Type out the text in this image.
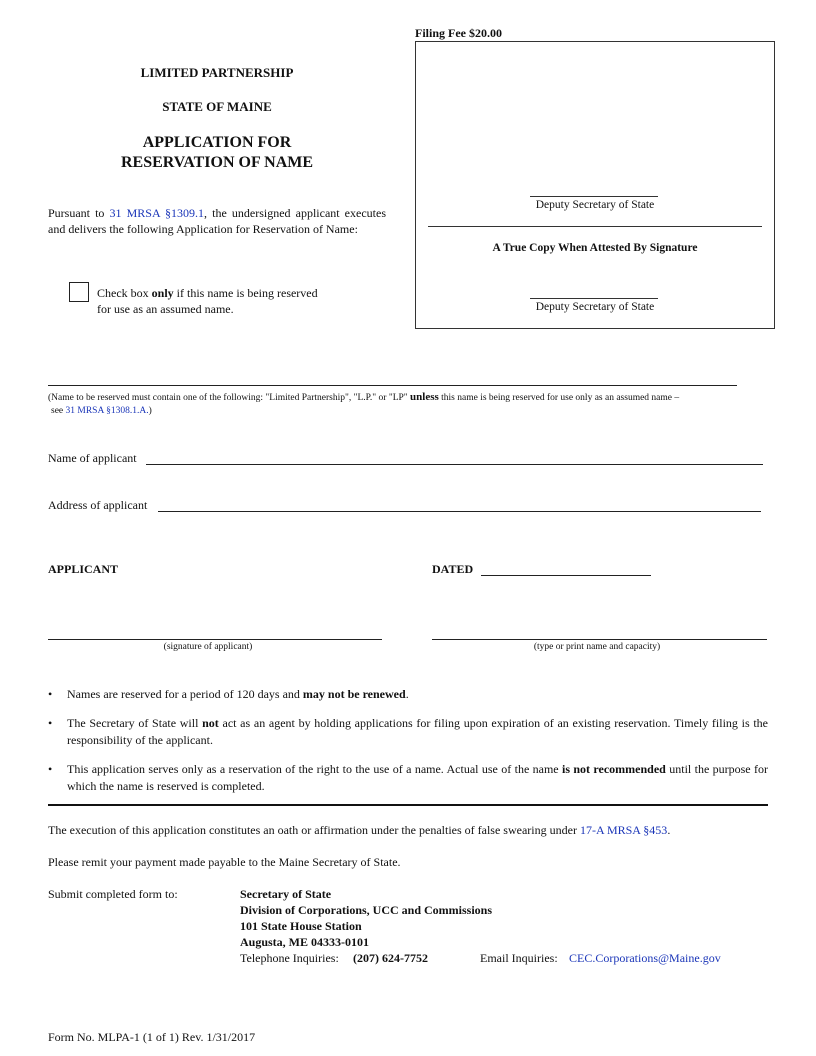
Filing Fee $20.00
LIMITED PARTNERSHIP
STATE OF MAINE
APPLICATION FOR
RESERVATION OF NAME
Deputy Secretary of State
A True Copy When Attested By Signature
Deputy Secretary of State
Pursuant to 31 MRSA §1309.1, the undersigned applicant executes and delivers the following Application for Reservation of Name:
Check box only if this name is being reserved
for use as an assumed name.
(Name to be reserved must contain one of the following: "Limited Partnership", "L.P." or "LP" unless this name is being reserved for use only as an assumed name –
see 31 MRSA §1308.1.A.)
Name of applicant
Address of applicant
APPLICANT	DATED
(signature of applicant)	(type or print name and capacity)
• Names are reserved for a period of 120 days and may not be renewed.
• The Secretary of State will not act as an agent by holding applications for filing upon expiration of an existing reservation. Timely filing is the responsibility of the applicant.
• This application serves only as a reservation of the right to the use of a name. Actual use of the name is not recommended until the purpose for which the name is reserved is completed.
The execution of this application constitutes an oath or affirmation under the penalties of false swearing under 17-A MRSA §453.
Please remit your payment made payable to the Maine Secretary of State.
Submit completed form to:	Secretary of State
Division of Corporations, UCC and Commissions
101 State House Station
Augusta, ME 04333-0101
Telephone Inquiries: (207) 624-7752	Email Inquiries: CEC.Corporations@Maine.gov
Form No. MLPA-1 (1 of 1) Rev. 1/31/2017
